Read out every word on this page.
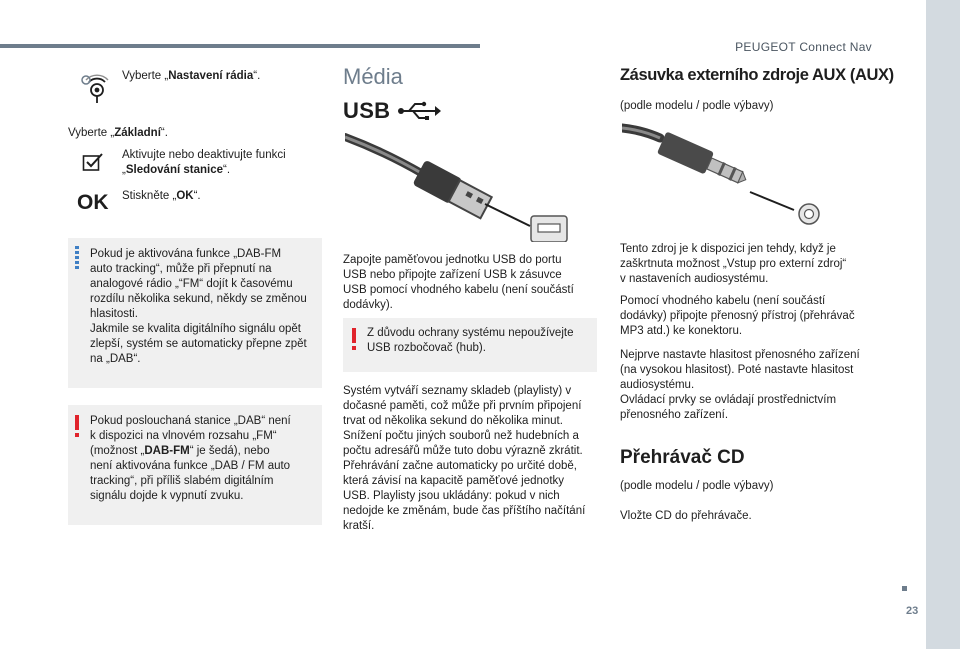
PEUGEOT Connect Nav
23
Vyberte „Nastavení rádia“.
Vyberte „Základní“.
Aktivujte nebo deaktivujte funkci
„Sledování stanice“.
OK Stiskněte „OK“.
Pokud je aktivována funkce „DAB-FM
auto tracking“, může při přepnutí na
analogové rádio „“FM“ dojít k časovému
rozdílu několika sekund, někdy se změnou
hlasitosti.
Jakmile se kvalita digitálního signálu opět
zlepší, systém se automaticky přepne zpět
na „DAB“.
Pokud poslouchaná stanice „DAB“ není
k dispozici na vlnovém rozsahu „FM“
(možnost „DAB-FM“ je šedá), nebo
není aktivována funkce „DAB / FM auto
tracking“, při příliš slabém digitálním
signálu dojde k vypnutí zvuku.
Média
USB
Zapojte paměťovou jednotku USB do portu
USB nebo připojte zařízení USB k zásuvce
USB pomocí vhodného kabelu (není součástí
dodávky).
Z důvodu ochrany systému nepoužívejte
USB rozbočovač (hub).
Systém vytváří seznamy skladeb (playlisty) v
dočasné paměti, což může při prvním připojení
trvat od několika sekund do několika minut.
Snížení počtu jiných souborů než hudebních a
počtu adresářů může tuto dobu výrazně zkrátit.
Přehrávání začne automaticky po určité době,
která závisí na kapacitě paměťové jednotky
USB. Playlisty jsou ukládány: pokud v nich
nedojde ke změnám, bude čas příštího načítání
kratší.
Zásuvka externího zdroje AUX (AUX)
(podle modelu / podle výbavy)
Tento zdroj je k dispozici jen tehdy, když je
zaškrtnuta možnost „Vstup pro externí zdroj“
v nastaveních audiosystému.
Pomocí vhodného kabelu (není součástí
dodávky) připojte přenosný přístroj (přehrávač
MP3 atd.) ke konektoru.
Nejprve nastavte hlasitost přenosného zařízení
(na vysokou hlasitost). Poté nastavte hlasitost
audiosystému.
Ovládací prvky se ovládají prostřednictvím
přenosného zařízení.
Přehrávač CD
(podle modelu / podle výbavy)
Vložte CD do přehrávače.
